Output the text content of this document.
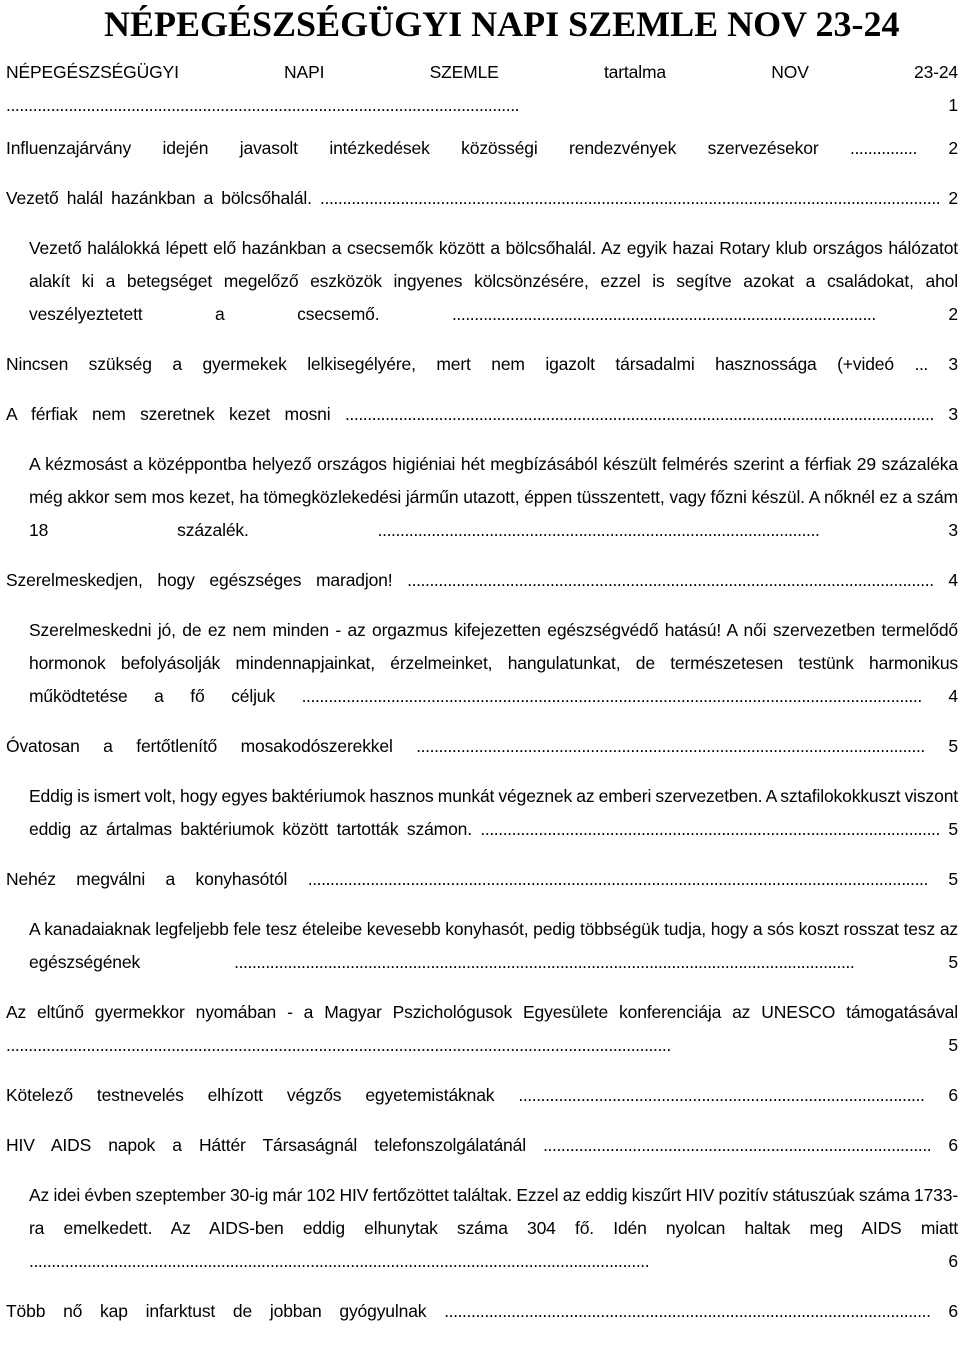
NÉPEGÉSZSÉGÜGYI NAPI SZEMLE NOV 23-24
NÉPEGÉSZSÉGÜGYI NAPI SZEMLE tartalma NOV 23-24 ...................................................................................................................	1
Influenzajárvány idején javasolt intézkedések közösségi rendezvények szervezésekor ............... 2
Vezető halál hazánkban a bölcsőhalál. ........................................................................................................................................... 2
Vezető halálokká lépett elő hazánkban a csecsemők között a bölcsőhalál. Az egyik hazai Rotary klub országos hálózatot alakít ki a betegséget megelőző eszközök ingyenes kölcsönzésére, ezzel is segítve azokat a családokat, ahol veszélyeztetett a csecsemő.	...............................................................................................	2
Nincsen szükség a gyermekek lelkisegélyére, mert nem igazolt társadalmi hasznossága (+videó ... 3
A férfiak nem szeretnek kezet mosni .................................................................................................................................... 3
A kézmosást a középpontba helyező országos higiéniai hét megbízásából készült felmérés szerint a férfiak 29 százaléka még akkor sem mos kezet, ha tömegközlekedési járműn utazott, éppen tüsszentett, vagy főzni készül. A nőknél ez a szám 18 százalék.	...................................................................................................	3
Szerelmeskedjen, hogy egészséges maradjon! ...................................................................................................................... 4
Szerelmeskedni jó, de ez nem minden - az orgazmus kifejezetten egészségvédő hatású! A női szervezetben termelődő hormonok befolyásolják mindennapjainkat, érzelmeinket, hangulatunkat, de természetesen testünk harmonikus működtetése a fő céljuk ........................................................................................................................................... 4
Óvatosan a fertőtlenítő mosakodószerekkel .................................................................................................................. 5
Eddig is ismert volt, hogy egyes baktériumok hasznos munkát végeznek az emberi szervezetben. A sztafilokokkuszt viszont eddig az ártalmas baktériumok között tartották számon. ....................................................................................................... 5
Nehéz megválni a konyhasótól ........................................................................................................................................... 5
A kanadaiaknak legfeljebb fele tesz ételeibe kevesebb konyhasót, pedig többségük tudja, hogy a sós koszt rosszat tesz az egészségének	...........................................................................................................................................	5
Az eltűnő gyermekkor nyomában - a Magyar Pszichológusok Egyesülete konferenciája az UNESCO támogatásával .....................................................................................................................................................	5
Kötelező testnevelés elhízott végzős egyetemistáknak ........................................................................................... 6
HIV AIDS napok a Háttér Társaságnál telefonszolgálatánál ....................................................................................... 6
Az idei évben szeptember 30-ig már 102 HIV fertőzöttet találtak. Ezzel az eddig kiszűrt HIV pozitív státuszúak száma 1733-ra emelkedett. Az AIDS-ben eddig elhunytak száma 304 fő. Idén nyolcan haltak meg AIDS miatt ...........................................................................................................................................	6
Több nő kap infarktust de jobban gyógyulnak ............................................................................................................. 6
